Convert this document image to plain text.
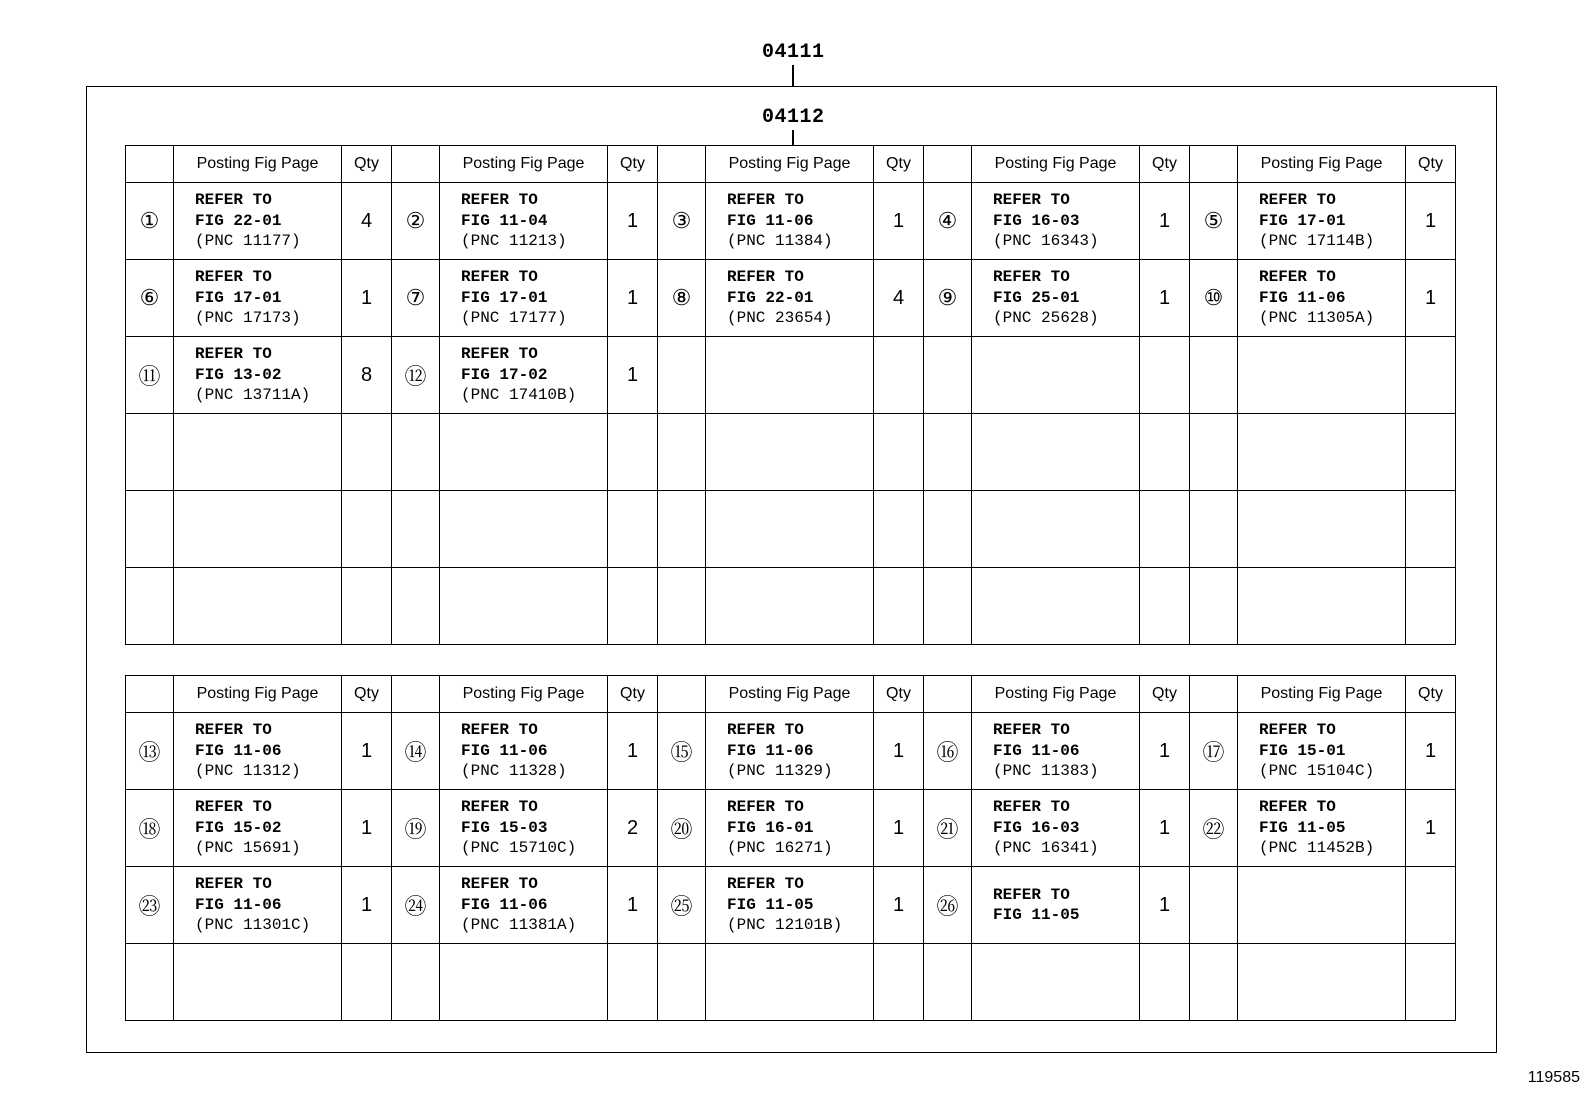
04111
04112
	Posting Fig Page	Qty		Posting Fig Page	Qty		Posting Fig Page	Qty		Posting Fig Page	Qty		Posting Fig Page	Qty
①	REFER TO
FIG 22-01
(PNC 11177)	4	②	REFER TO
FIG 11-04
(PNC 11213)	1	③	REFER TO
FIG 11-06
(PNC 11384)	1	④	REFER TO
FIG 16-03
(PNC 16343)	1	⑤	REFER TO
FIG 17-01
(PNC 17114B)	1
⑥	REFER TO
FIG 17-01
(PNC 17173)	1	⑦	REFER TO
FIG 17-01
(PNC 17177)	1	⑧	REFER TO
FIG 22-01
(PNC 23654)	4	⑨	REFER TO
FIG 25-01
(PNC 25628)	1	⑩	REFER TO
FIG 11-06
(PNC 11305A)	1
⑪	REFER TO
FIG 13-02
(PNC 13711A)	8	⑫	REFER TO
FIG 17-02
(PNC 17410B)	1									

	Posting Fig Page	Qty		Posting Fig Page	Qty		Posting Fig Page	Qty		Posting Fig Page	Qty		Posting Fig Page	Qty
⑬	REFER TO
FIG 11-06
(PNC 11312)	1	⑭	REFER TO
FIG 11-06
(PNC 11328)	1	⑮	REFER TO
FIG 11-06
(PNC 11329)	1	⑯	REFER TO
FIG 11-06
(PNC 11383)	1	⑰	REFER TO
FIG 15-01
(PNC 15104C)	1
⑱	REFER TO
FIG 15-02
(PNC 15691)	1	⑲	REFER TO
FIG 15-03
(PNC 15710C)	2	⑳	REFER TO
FIG 16-01
(PNC 16271)	1	㉑	REFER TO
FIG 16-03
(PNC 16341)	1	㉒	REFER TO
FIG 11-05
(PNC 11452B)	1
㉓	REFER TO
FIG 11-06
(PNC 11301C)	1	㉔	REFER TO
FIG 11-06
(PNC 11381A)	1	㉕	REFER TO
FIG 11-05
(PNC 12101B)	1	㉖	REFER TO
FIG 11-05	1			

119585
